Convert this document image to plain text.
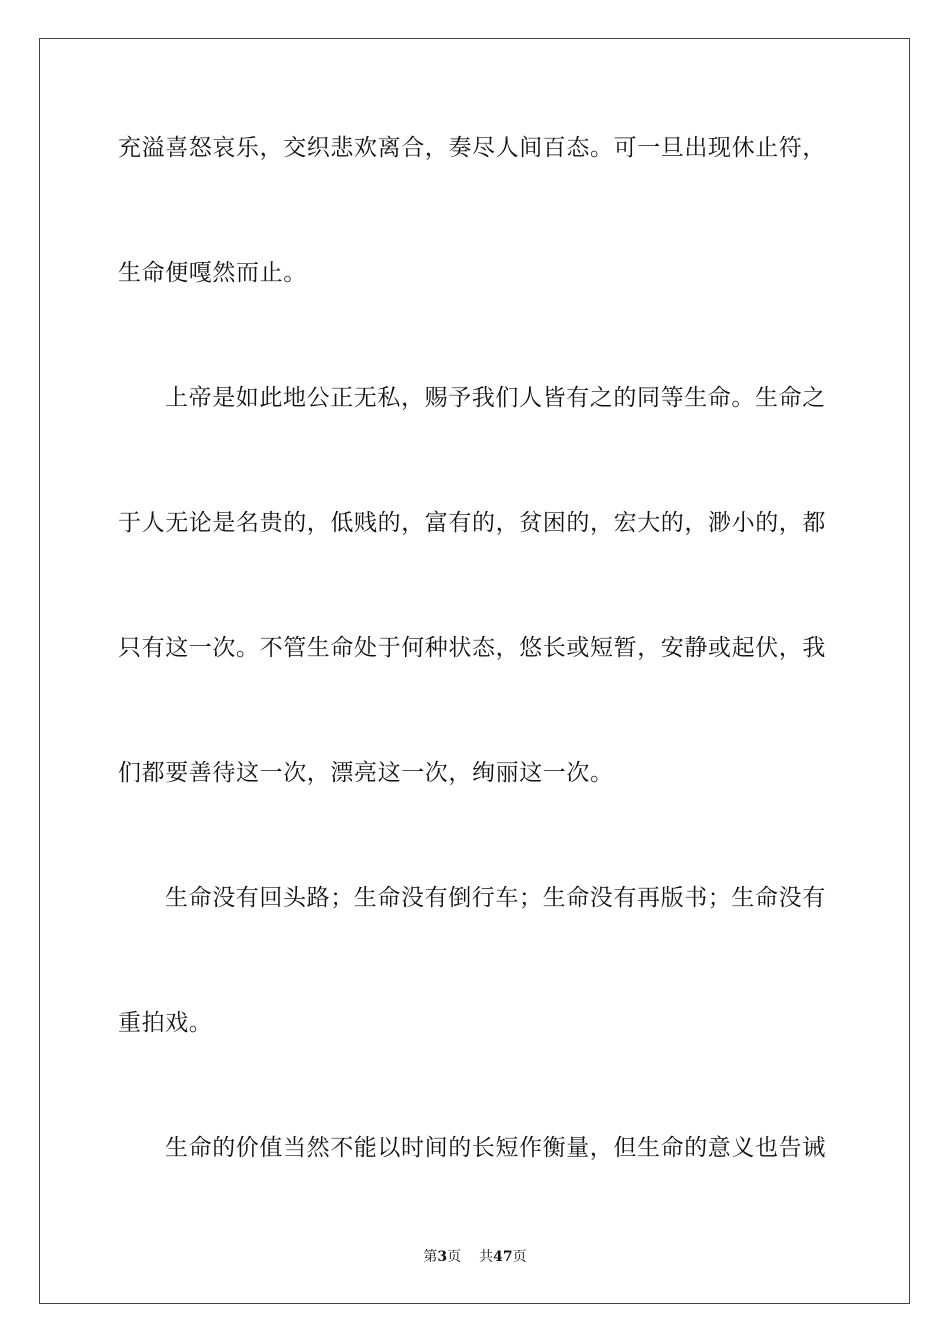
充溢喜怒哀乐，交织悲欢离合，奏尽人间百态。可一旦出现休止符，
生命便嘎然而止。
上帝是如此地公正无私，赐予我们人皆有之的同等生命。生命之
于人无论是名贵的，低贱的，富有的，贫困的，宏大的，渺小的，都
只有这一次。不管生命处于何种状态，悠长或短暂，安静或起伏，我
们都要善待这一次，漂亮这一次，绚丽这一次。
生命没有回头路；生命没有倒行车；生命没有再版书；生命没有
重拍戏。
生命的价值当然不能以时间的长短作衡量，但生命的意义也告诫
第3页 共47页
